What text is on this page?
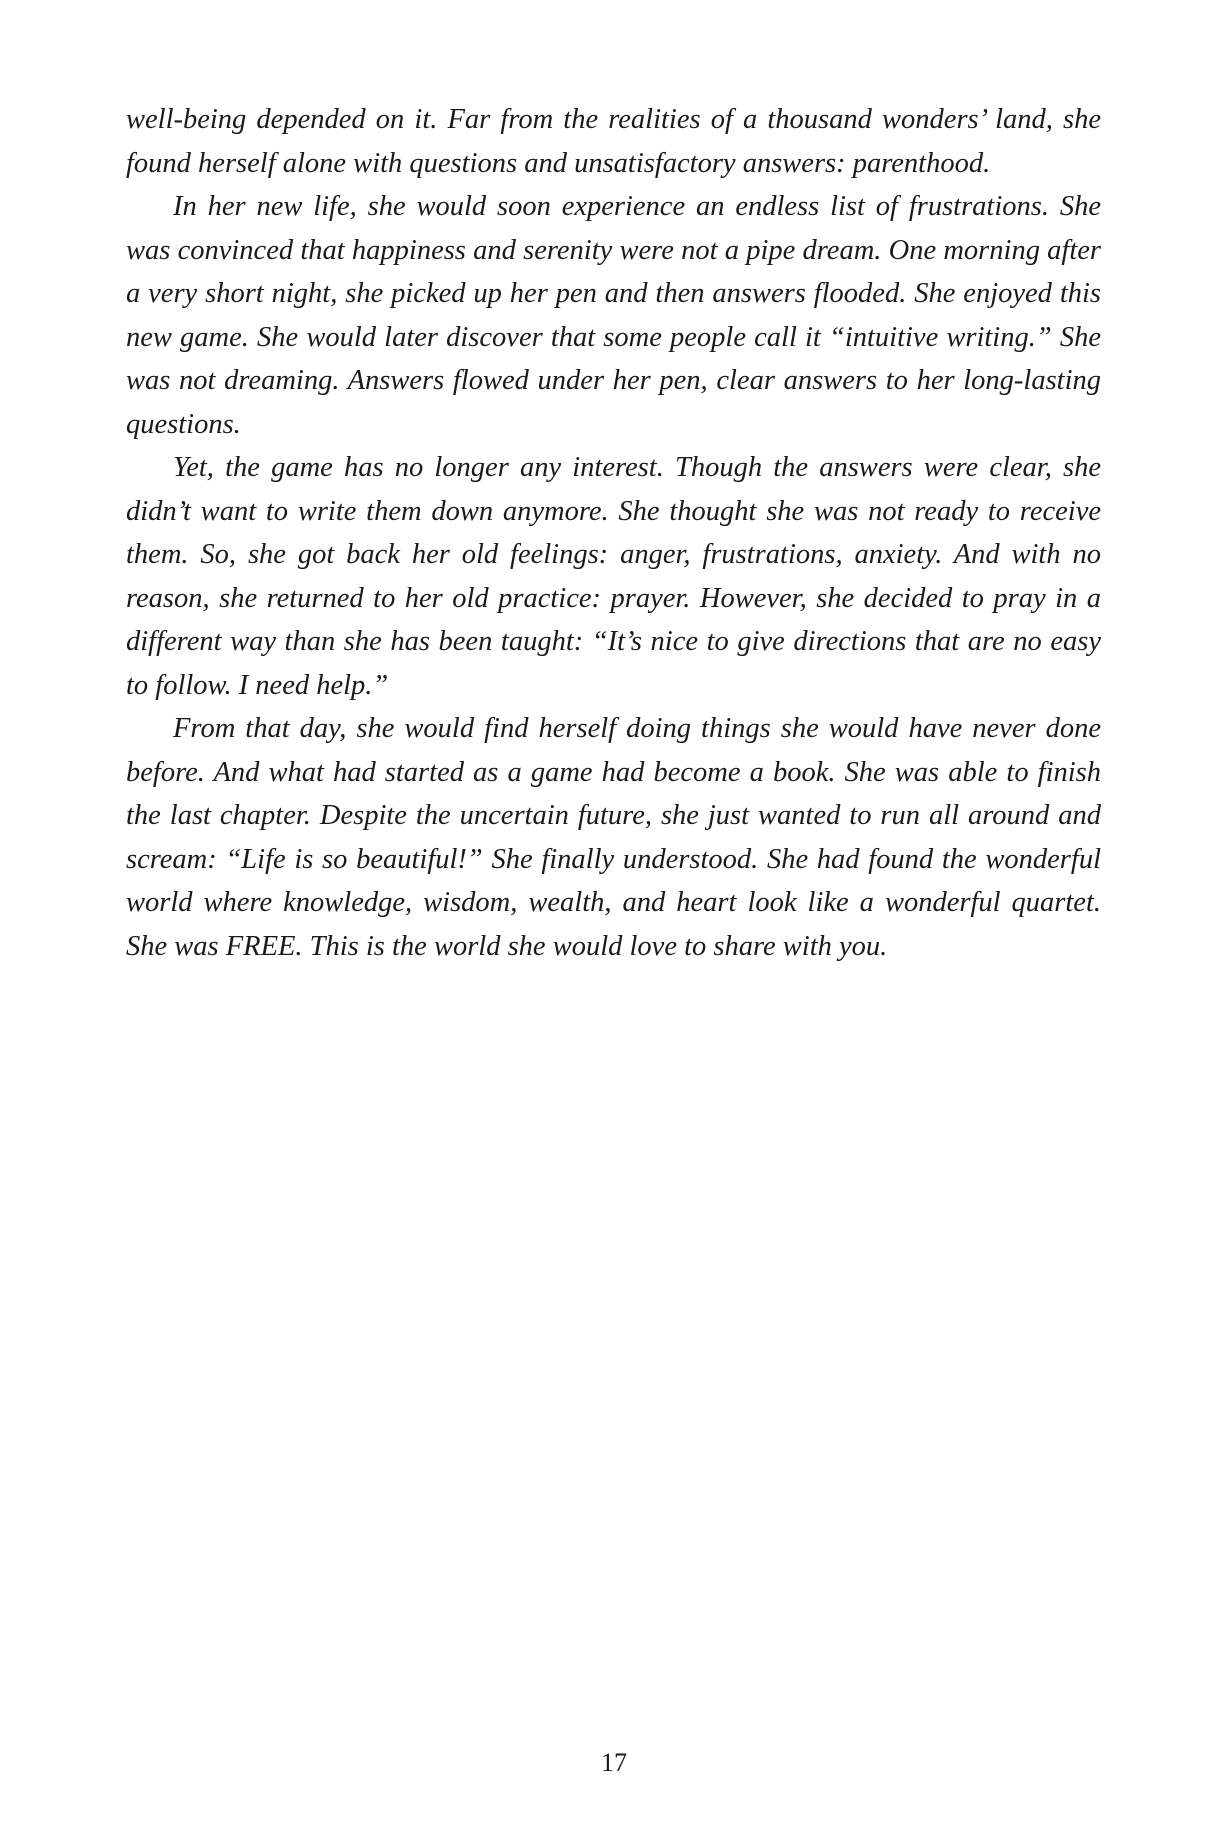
well-being depended on it. Far from the realities of a thousand wonders’ land, she found herself alone with questions and unsatisfactory answers: parenthood.

In her new life, she would soon experience an endless list of frustrations. She was convinced that happiness and serenity were not a pipe dream. One morning after a very short night, she picked up her pen and then answers flooded. She enjoyed this new game. She would later discover that some people call it “intuitive writing.” She was not dreaming. Answers flowed under her pen, clear answers to her long-lasting questions.

Yet, the game has no longer any interest. Though the answers were clear, she didn’t want to write them down anymore. She thought she was not ready to receive them. So, she got back her old feelings: anger, frustrations, anxiety. And with no reason, she returned to her old practice: prayer. However, she decided to pray in a different way than she has been taught: “It’s nice to give directions that are no easy to follow. I need help.”

From that day, she would find herself doing things she would have never done before. And what had started as a game had become a book. She was able to finish the last chapter. Despite the uncertain future, she just wanted to run all around and scream: “Life is so beautiful!” She finally understood. She had found the wonderful world where knowledge, wisdom, wealth, and heart look like a wonderful quartet. She was FREE. This is the world she would love to share with you.

17
